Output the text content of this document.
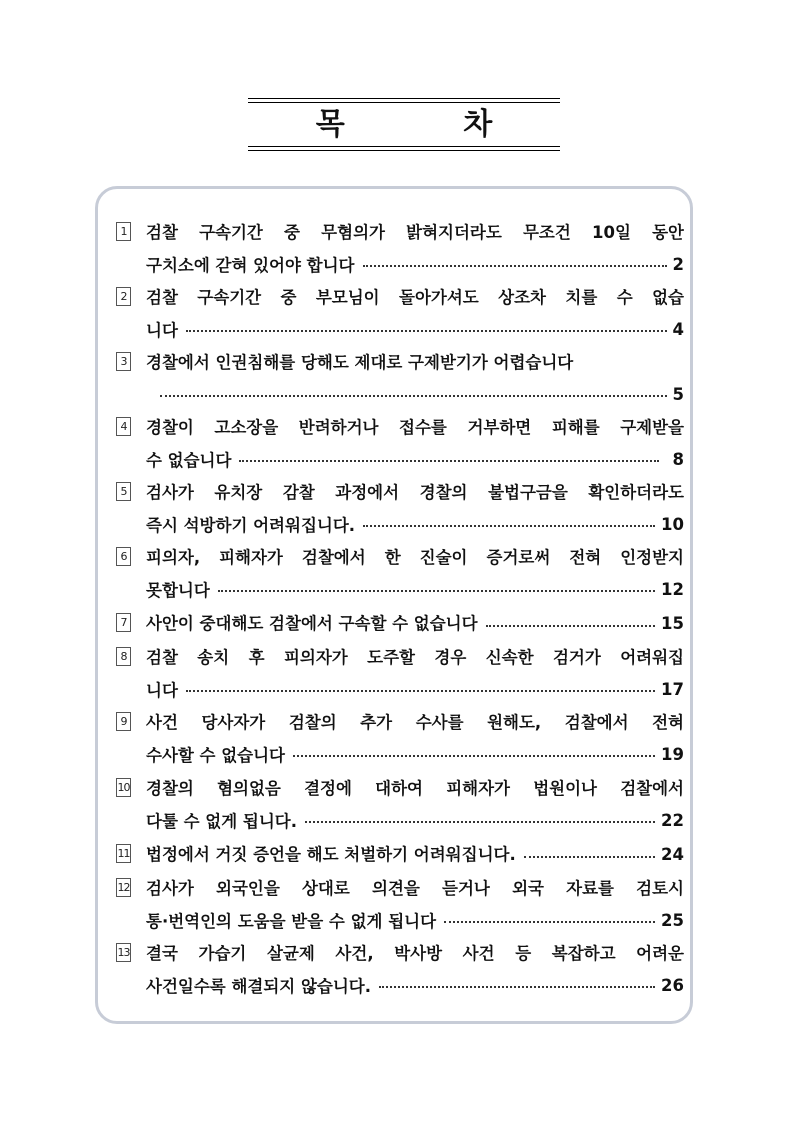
목 차
1 검찰 구속기간 중 무혐의가 밝혀지더라도 무조건 10일 동안
구치소에 갇혀 있어야 합니다	2
2 검찰 구속기간 중 부모님이 돌아가셔도 상조차 치를 수 없습
니다	4
3 경찰에서 인권침해를 당해도 제대로 구제받기가 어렵습니다
5
4 경찰이 고소장을 반려하거나 접수를 거부하면 피해를 구제받을
수 없습니다	8
5 검사가 유치장 감찰 과정에서 경찰의 불법구금을 확인하더라도
즉시 석방하기 어려워집니다.	10
6 피의자, 피해자가 검찰에서 한 진술이 증거로써 전혀 인정받지
못합니다	12
7 사안이 중대해도 검찰에서 구속할 수 없습니다	15
8 검찰 송치 후 피의자가 도주할 경우 신속한 검거가 어려워집
니다	17
9 사건 당사자가 검찰의 추가 수사를 원해도, 검찰에서 전혀
수사할 수 없습니다	19
10 경찰의 혐의없음 결정에 대하여 피해자가 법원이나 검찰에서
다툴 수 없게 됩니다.	22
11 법정에서 거짓 증언을 해도 처벌하기 어려워집니다.	24
12 검사가 외국인을 상대로 의견을 듣거나 외국 자료를 검토시
통·번역인의 도움을 받을 수 없게 됩니다	25
13 결국 가습기 살균제 사건, 박사방 사건 등 복잡하고 어려운
사건일수록 해결되지 않습니다.	26
